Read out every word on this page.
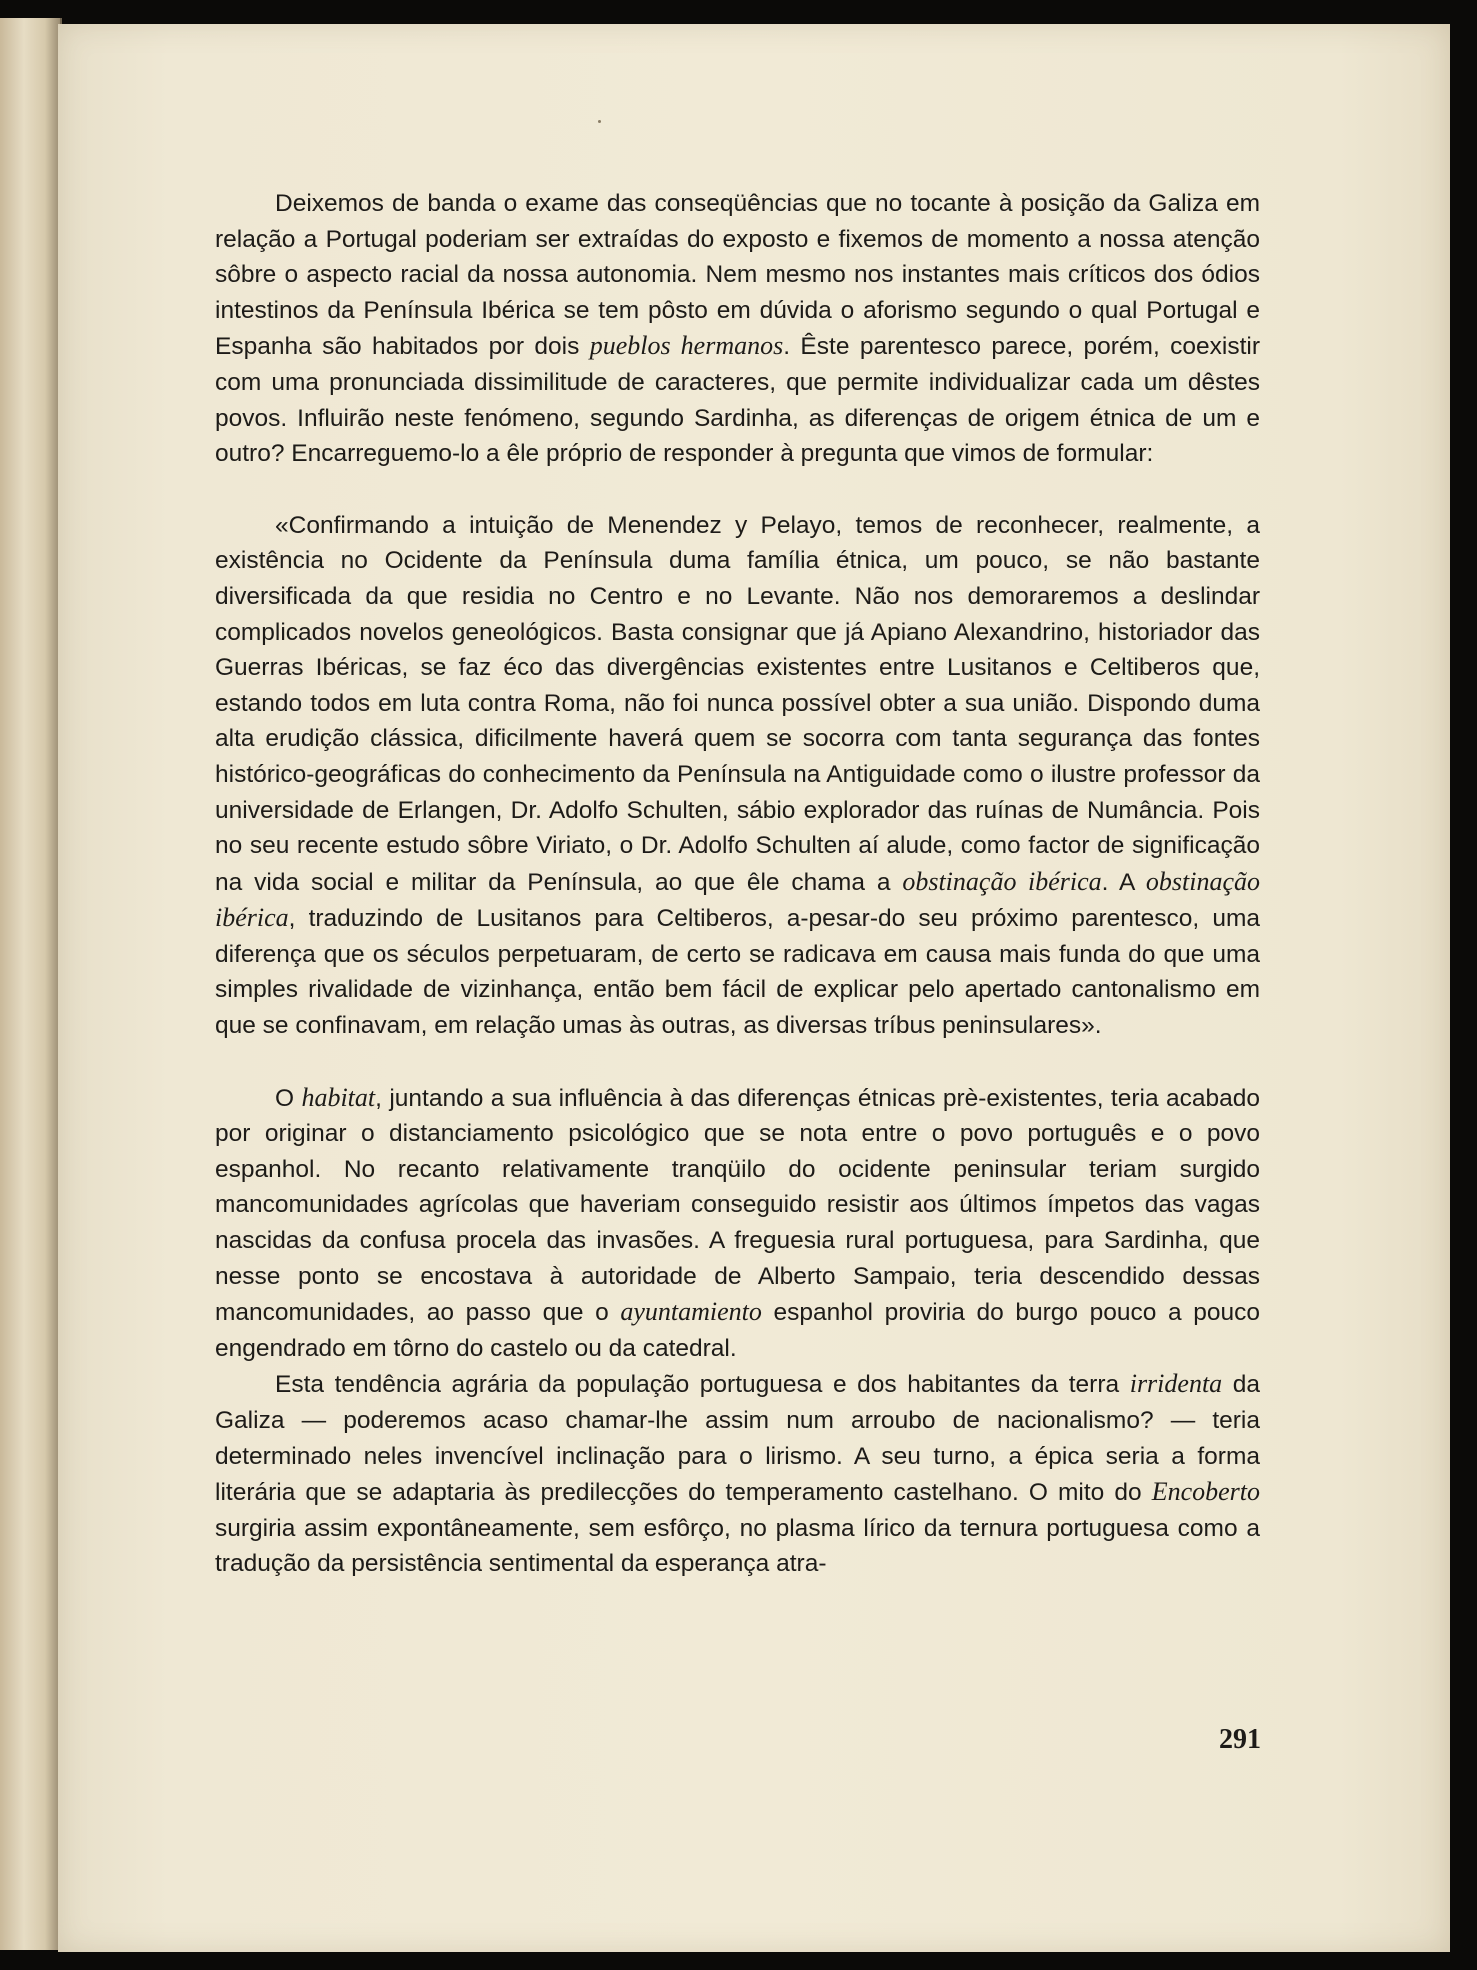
Deixemos de banda o exame das conseqüências que no tocante à posição da Galiza em relação a Portugal poderiam ser extraídas do exposto e fixemos de momento a nossa atenção sôbre o aspecto racial da nossa autonomia. Nem mesmo nos instantes mais críticos dos ódios intestinos da Península Ibérica se tem pôsto em dúvida o aforismo segundo o qual Portugal e Espanha são habitados por dois pueblos hermanos. Êste parentesco parece, porém, coexistir com uma pronunciada dissimilitude de caracteres, que permite individualizar cada um dêstes povos. Influirão neste fenómeno, segundo Sardinha, as diferenças de origem étnica de um e outro? Encarreguemo-lo a êle próprio de responder à pregunta que vimos de formular:

«Confirmando a intuição de Menendez y Pelayo, temos de reconhecer, realmente, a existência no Ocidente da Península duma família étnica, um pouco, se não bastante diversificada da que residia no Centro e no Levante. Não nos demoraremos a deslindar complicados novelos geneológicos. Basta consignar que já Apiano Alexandrino, historiador das Guerras Ibéricas, se faz éco das divergências existentes entre Lusitanos e Celtiberos que, estando todos em luta contra Roma, não foi nunca possível obter a sua união. Dispondo duma alta erudição clássica, dificilmente haverá quem se socorra com tanta segurança das fontes histórico-geográficas do conhecimento da Península na Antiguidade como o ilustre professor da universidade de Erlangen, Dr. Adolfo Schulten, sábio explorador das ruínas de Numância. Pois no seu recente estudo sôbre Viriato, o Dr. Adolfo Schulten aí alude, como factor de significação na vida social e militar da Península, ao que êle chama a obstinação ibérica. A obstinação ibérica, traduzindo de Lusitanos para Celtiberos, a-pesar-do seu próximo parentesco, uma diferença que os séculos perpetuaram, de certo se radicava em causa mais funda do que uma simples rivalidade de vizinhança, então bem fácil de explicar pelo apertado cantonalismo em que se confinavam, em relação umas às outras, as diversas tríbus peninsulares».

O habitat, juntando a sua influência à das diferenças étnicas prè-existentes, teria acabado por originar o distanciamento psicológico que se nota entre o povo português e o povo espanhol. No recanto relativamente tranqüilo do ocidente peninsular teriam surgido mancomunidades agrícolas que haveriam conseguido resistir aos últimos ímpetos das vagas nascidas da confusa procela das invasões. A freguesia rural portuguesa, para Sardinha, que nesse ponto se encostava à autoridade de Alberto Sampaio, teria descendido dessas mancomunidades, ao passo que o ayuntamiento espanhol proviria do burgo pouco a pouco engendrado em tôrno do castelo ou da catedral.

Esta tendência agrária da população portuguesa e dos habitantes da terra irridenta da Galiza — poderemos acaso chamar-lhe assim num arroubo de nacionalismo? — teria determinado neles invencível inclinação para o lirismo. A seu turno, a épica seria a forma literária que se adaptaria às predilecções do temperamento castelhano. O mito do Encoberto surgiria assim expontâneamente, sem esfôrço, no plasma lírico da ternura portuguesa como a tradução da persistência sentimental da esperança atra-

291
